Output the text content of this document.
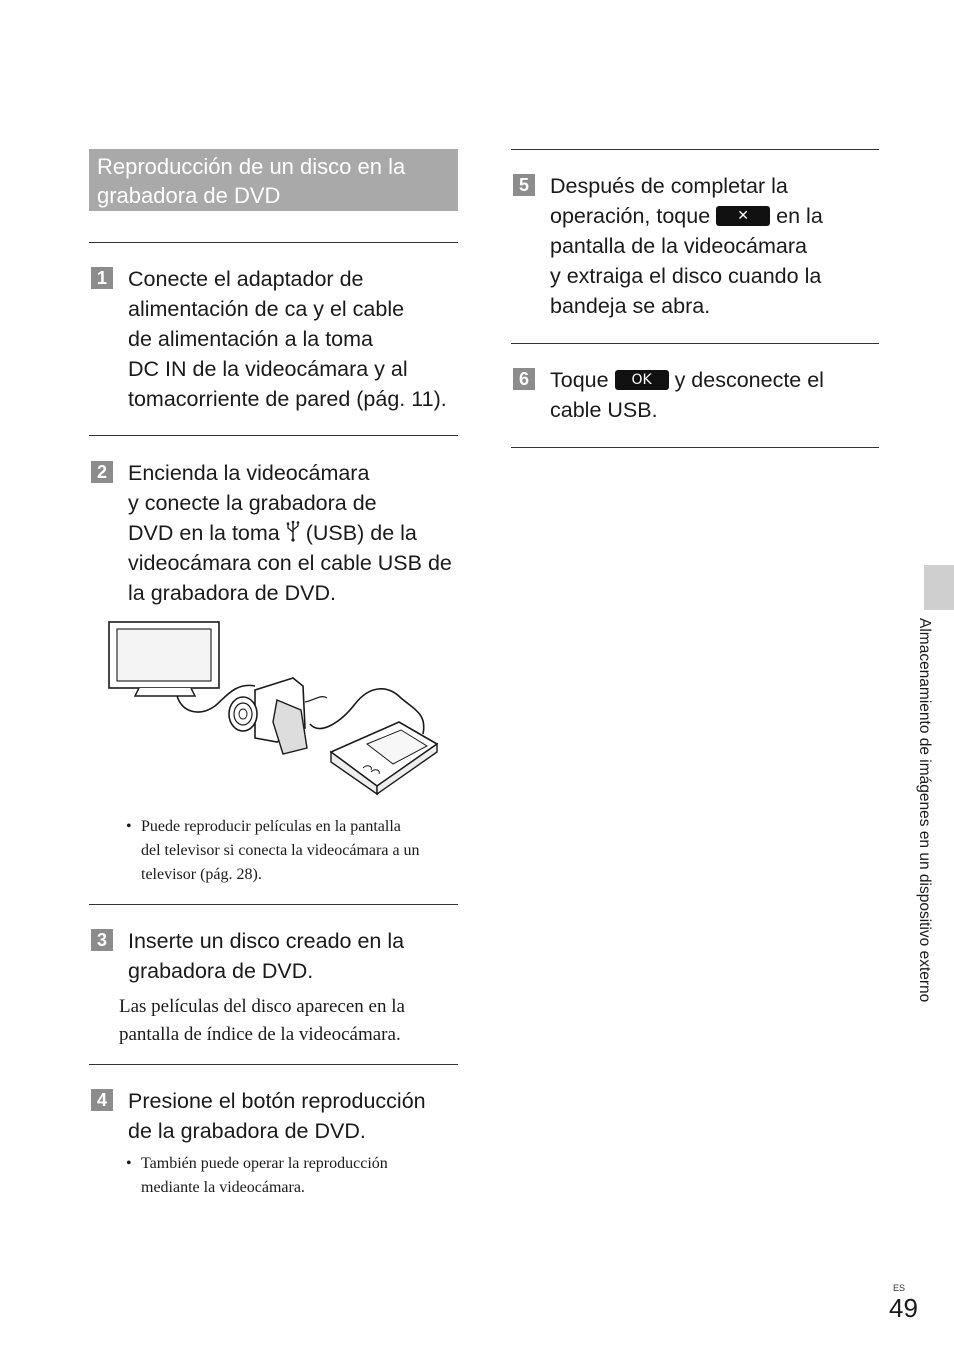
Reproducción de un disco en la
grabadora de DVD
1 Conecte el adaptador de
alimentación de ca y el cable
de alimentación a la toma
DC IN de la videocámara y al
tomacorriente de pared (pág. 11).
2 Encienda la videocámara
y conecte la grabadora de
DVD en la toma (USB) de la
videocámara con el cable USB de
la grabadora de DVD.
• Puede reproducir películas en la pantalla
del televisor si conecta la videocámara a un
televisor (pág. 28).
3 Inserte un disco creado en la
grabadora de DVD.
Las películas del disco aparecen en la
pantalla de índice de la videocámara.
4 Presione el botón reproducción
de la grabadora de DVD.
• También puede operar la reproducción
mediante la videocámara.
5 Después de completar la
operación, toque ✕ en la
pantalla de la videocámara
y extraiga el disco cuando la
bandeja se abra.
6 Toque OK y desconecte el
cable USB.
Almacenamiento de imágenes en un dispositivo externo
ES
49
